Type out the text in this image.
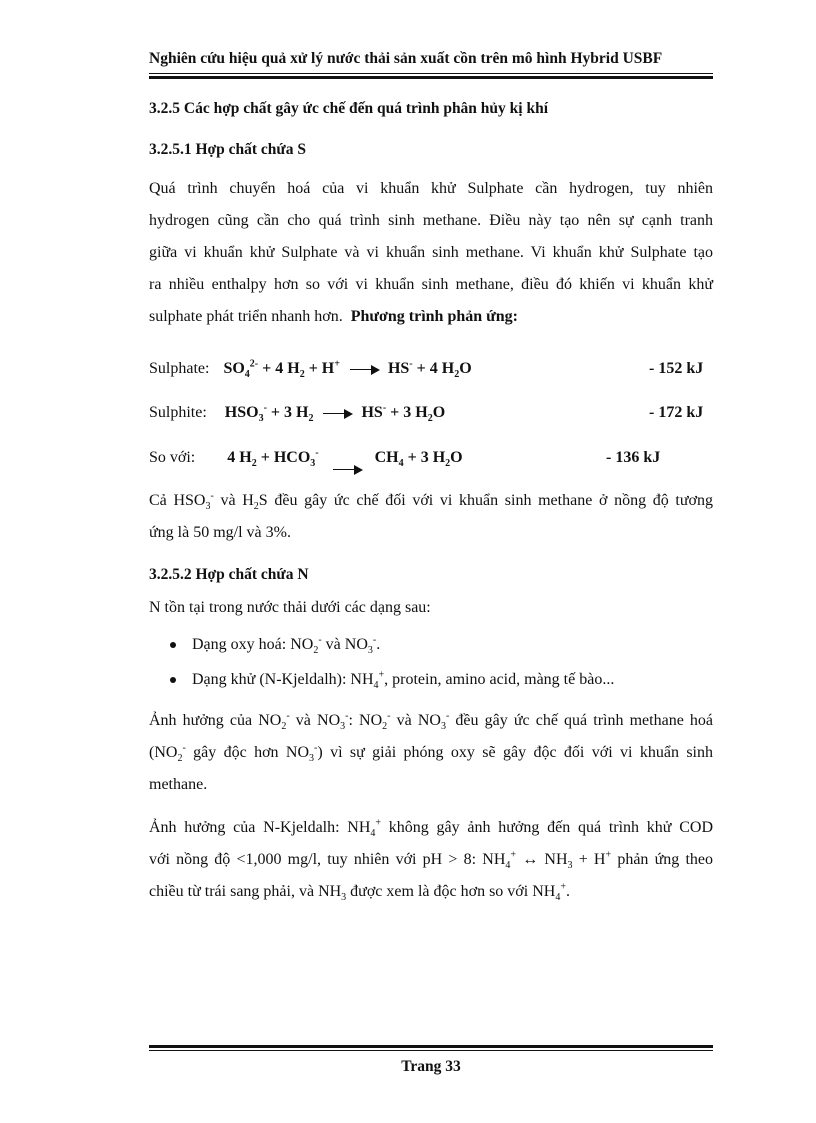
Nghiên cứu hiệu quả xử lý nước thải sản xuất cồn trên mô hình Hybrid USBF
3.2.5 Các hợp chất gây ức chế đến quá trình phân hủy kị khí
3.2.5.1 Hợp chất chứa S
Quá trình chuyển hoá của vi khuẩn khử Sulphate cần hydrogen, tuy nhiên
hydrogen cũng cần cho quá trình sinh methane. Điều này tạo nên sự cạnh tranh
giữa vi khuẩn khử Sulphate và vi khuẩn sinh methane. Vi khuẩn khử Sulphate tạo
ra nhiều enthalpy hơn so với vi khuẩn sinh methane, điều đó khiến vi khuẩn khử
sulphate phát triển nhanh hơn. Phương trình phản ứng:
Sulphate: $SO_4^{2-} + 4$ $H_2 + H^+$	HS- + 4 $H_2O$	- 152 kJ
Sulphite: $HSO_3^- + 3$ $H_2$	HS- + 3 $H_2O$	- 172 kJ
So với: 4 $H_2 + HCO_3^-$	$CH_4 + 3$ $H_2O$	- 136 kJ
Cả $HSO_3^-$ và $H_2S$ đều gây ức chế đối với vi khuẩn sinh methane ở nồng độ tương
ứng là 50 mg/l và 3%.
3.2.5.2 Hợp chất chứa N
N tồn tại trong nước thải dưới các dạng sau:
Dạng oxy hoá: $NO_2^-$ và $NO_3^-$.
Dạng khử (N-Kjeldalh): $NH_4^+$, protein, amino acid, màng tế bào...
Ảnh hưởng của $NO_2^-$ và $NO_3^-$: $NO_2^-$ và $NO_3^-$ đều gây ức chế quá trình methane hoá
($NO_2^-$ gây độc hơn $NO_3^-$) vì sự giải phóng oxy sẽ gây độc đối với vi khuẩn sinh
methane.
Ảnh hưởng của N-Kjeldalh: $NH_4^+$ không gây ảnh hưởng đến quá trình khử COD
với nồng độ <1,000 mg/l, tuy nhiên với pH > 8: $NH_4^+$ ↔ $NH_3 + H^+$ phản ứng theo
chiều từ trái sang phải, và $NH_3$ được xem là độc hơn so với $NH_4^+$.
Trang 33
